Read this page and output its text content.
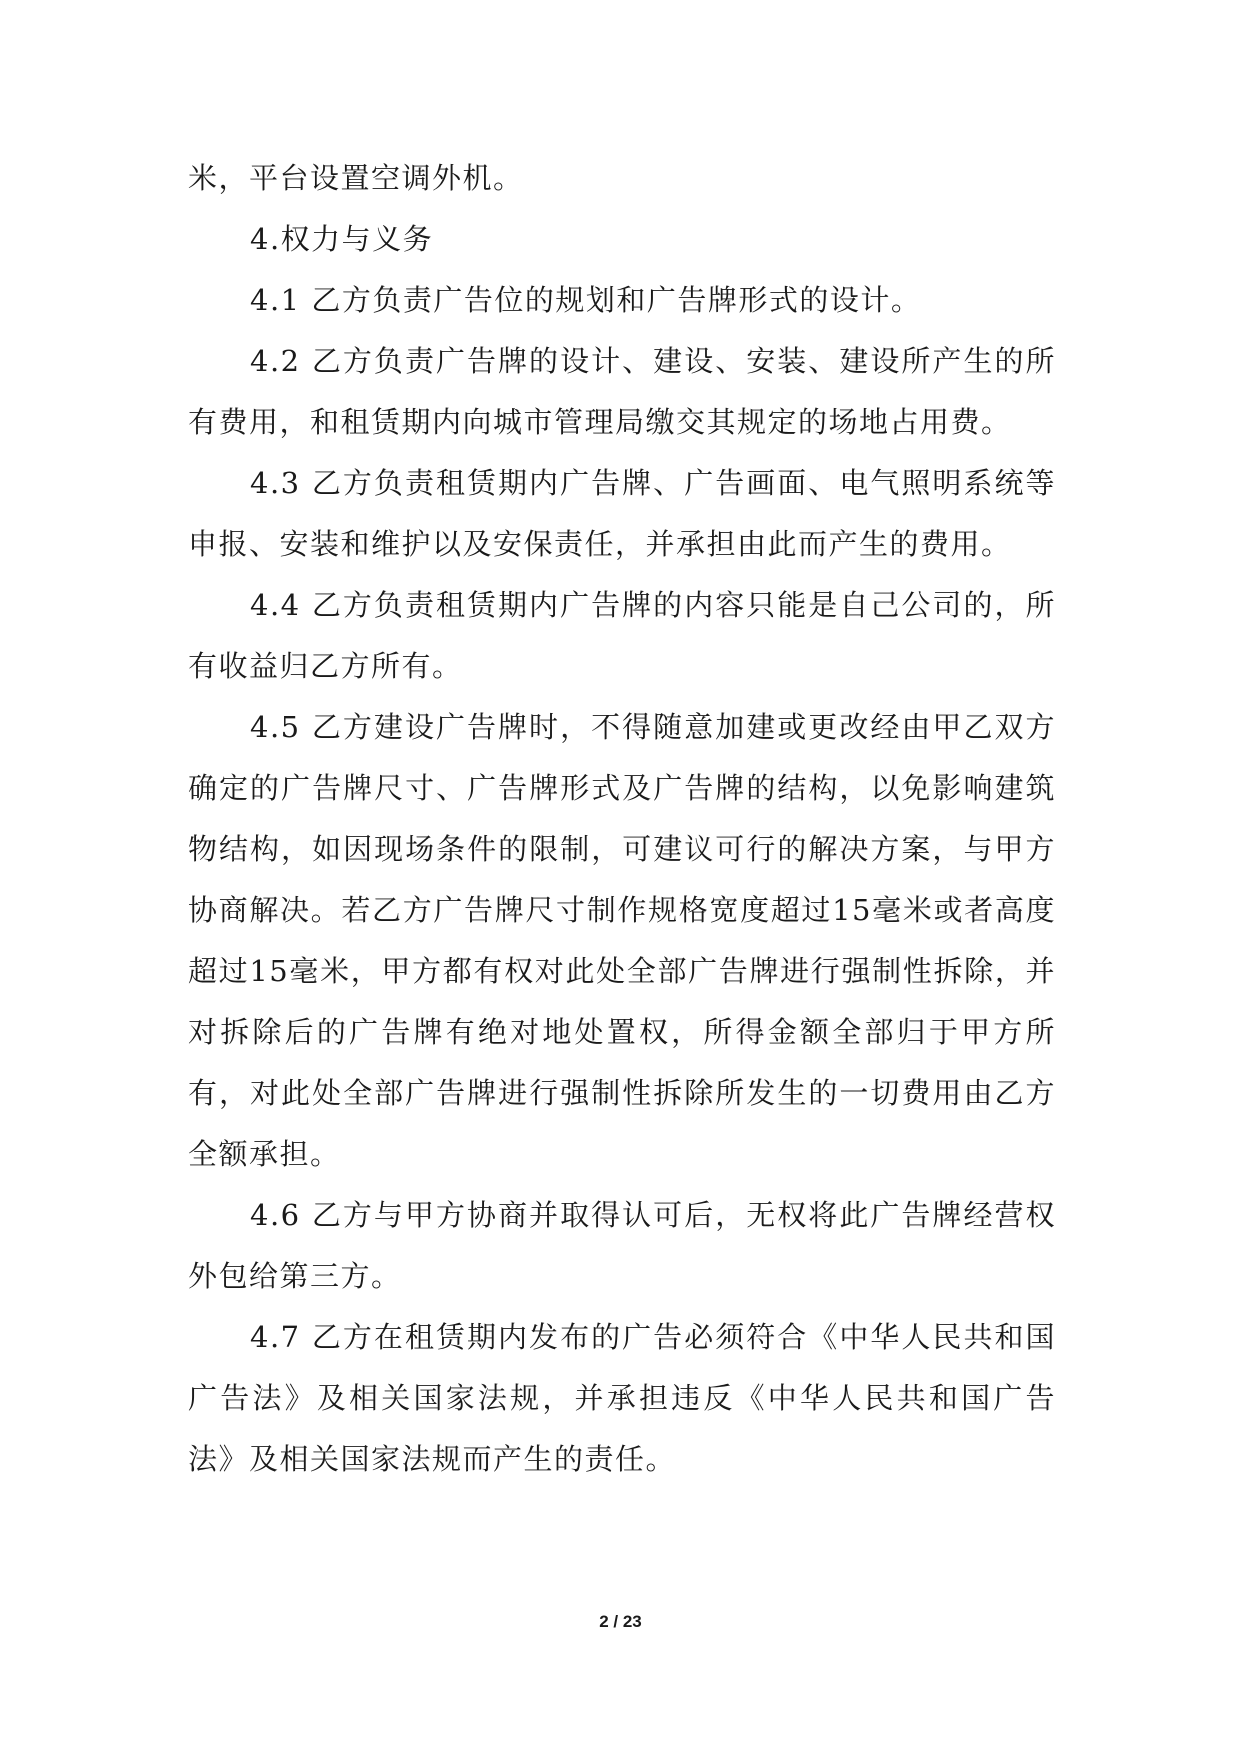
米，平台设置空调外机。

4.权力与义务

4.1 乙方负责广告位的规划和广告牌形式的设计。

4.2 乙方负责广告牌的设计、建设、安装、建设所产生的所有费用，和租赁期内向城市管理局缴交其规定的场地占用费。

4.3 乙方负责租赁期内广告牌、广告画面、电气照明系统等申报、安装和维护以及安保责任，并承担由此而产生的费用。

4.4 乙方负责租赁期内广告牌的内容只能是自己公司的，所有收益归乙方所有。

4.5 乙方建设广告牌时，不得随意加建或更改经由甲乙双方确定的广告牌尺寸、广告牌形式及广告牌的结构，以免影响建筑物结构，如因现场条件的限制，可建议可行的解决方案，与甲方协商解决。若乙方广告牌尺寸制作规格宽度超过15毫米或者高度超过15毫米，甲方都有权对此处全部广告牌进行强制性拆除，并对拆除后的广告牌有绝对地处置权，所得金额全部归于甲方所有，对此处全部广告牌进行强制性拆除所发生的一切费用由乙方全额承担。

4.6 乙方与甲方协商并取得认可后，无权将此广告牌经营权外包给第三方。

4.7 乙方在租赁期内发布的广告必须符合《中华人民共和国广告法》及相关国家法规，并承担违反《中华人民共和国广告法》及相关国家法规而产生的责任。

2 / 23
